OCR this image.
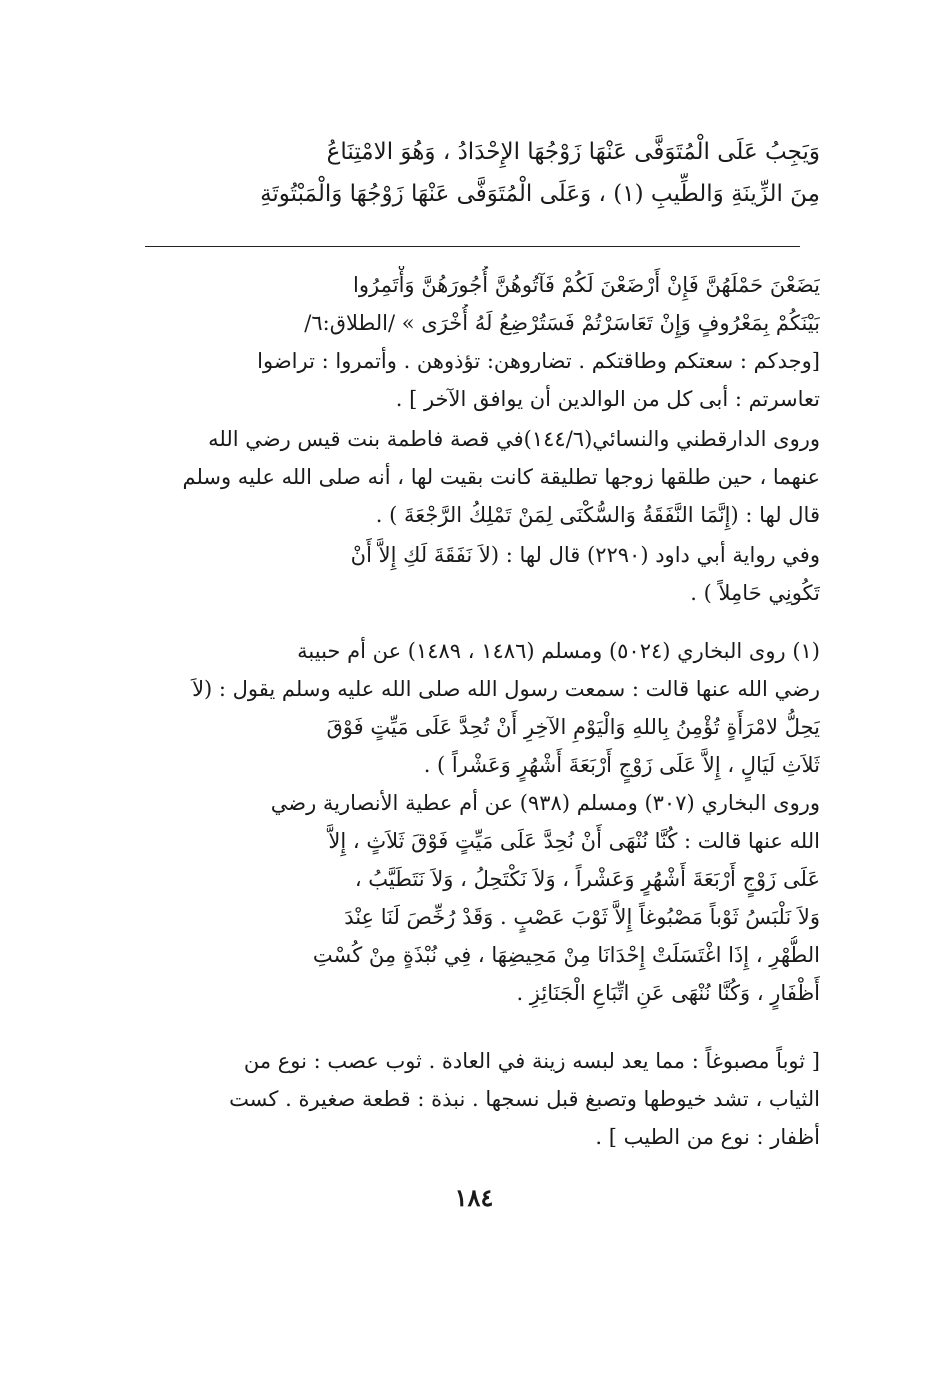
وَيَجِبُ عَلَى الْمُتَوَفَّى عَنْهَا زَوْجُهَا الإِحْدَادُ ، وَهُوَ الامْتِنَاعُ
مِنَ الزِّينَةِ وَالطِّيبِ (١) ، وَعَلَى الْمُتَوَفَّى عَنْهَا زَوْجُهَا وَالْمَبْتُوتَةِ
يَضَعْنَ حَمْلَهُنَّ فَإِنْ أَرْضَعْنَ لَكُمْ فَآتُوهُنَّ أُجُورَهُنَّ وَأْتَمِرُوا
بَيْنَكُمْ بِمَعْرُوفٍ وَإِنْ تَعَاسَرْتُمْ فَسَتُرْضِعُ لَهُ أُخْرَى » /الطلاق:٦/
[وجدكم : سعتكم وطاقتكم . تضاروهن: تؤذوهن . وأتمروا : تراضوا
تعاسرتم : أبى كل من الوالدين أن يوافق الآخر ] .
وروى الدارقطني والنسائي(١٤٤/٦)في قصة فاطمة بنت قيس رضي الله
عنهما ، حين طلقها زوجها تطليقة كانت بقيت لها ، أنه صلى الله عليه وسلم
قال لها : (إِنَّمَا النَّفَقَةُ وَالسُّكْنَى لِمَنْ تَمْلِكُ الرَّجْعَةَ ) .
وفي رواية أبي داود (٢٢٩٠) قال لها : (لاَ نَفَقَةَ لَكِ إِلاَّ أَنْ
تَكُونِي حَامِلاً ) .
(١) روى البخاري (٥٠٢٤) ومسلم (١٤٨٦ ، ١٤٨٩) عن أم حبيبة
رضي الله عنها قالت : سمعت رسول الله صلى الله عليه وسلم يقول : (لاَ
يَحِلُّ لامْرَأَةٍ تُؤْمِنُ بِاللهِ وَالْيَوْمِ الآخِرِ أَنْ تُحِدَّ عَلَى مَيِّتٍ فَوْقَ
ثَلاَثِ لَيَالٍ ، إِلاَّ عَلَى زَوْجٍ أَرْبَعَةَ أَشْهُرٍ وَعَشْراً ) .
وروى البخاري (٣٠٧) ومسلم (٩٣٨) عن أم عطية الأنصارية رضي
الله عنها قالت : كُنَّا نُنْهَى أَنْ نُحِدَّ عَلَى مَيِّتٍ فَوْقَ ثَلاَثٍ ، إِلاَّ
عَلَى زَوْجٍ أَرْبَعَةَ أَشْهُرٍ وَعَشْراً ، وَلاَ نَكْتَحِلُ ، وَلاَ نَتَطَيَّبُ ،
وَلاَ نَلْبَسُ ثَوْباً مَصْبُوغاً إِلاَّ ثَوْبَ عَصْبٍ . وَقَدْ رُخِّصَ لَنَا عِنْدَ
الطُّهْرِ ، إِذَا اغْتَسَلَتْ إِحْدَانَا مِنْ مَحِيضِهَا ، فِي نُبْذَةٍ مِنْ كُسْتِ
أَظْفَارٍ ، وَكُنَّا نُنْهَى عَنِ اتِّبَاعِ الْجَنَائِزِ .
[ ثوباً مصبوغاً : مما يعد لبسه زينة في العادة . ثوب عصب : نوع من
الثياب ، تشد خيوطها وتصبغ قبل نسجها . نبذة : قطعة صغيرة . كست
أظفار : نوع من الطيب ] .
١٨٤
